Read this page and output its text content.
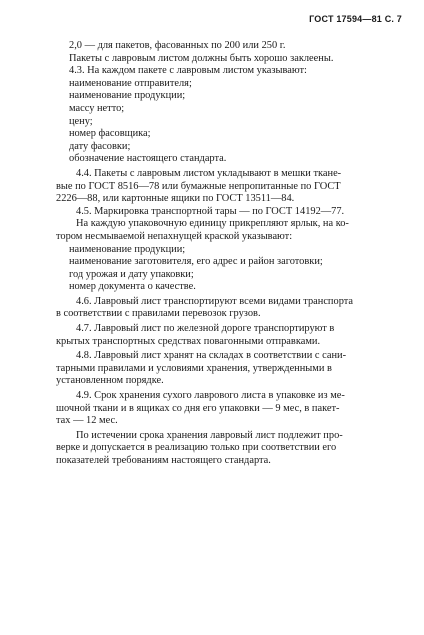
ГОСТ 17594—81 С. 7
2,0 — для пакетов, фасованных по 200 или 250 г.
Пакеты с лавровым листом должны быть хорошо заклеены.
4.3. На каждом пакете с лавровым листом указывают:
наименование отправителя;
наименование продукции;
массу нетто;
цену;
номер фасовщика;
дату фасовки;
обозначение настоящего стандарта.
4.4. Пакеты с лавровым листом укладывают в мешки ткане-
вые по ГОСТ 8516—78 или бумажные непропитанные по ГОСТ
2226—88, или картонные ящики по ГОСТ 13511—84.
4.5. Маркировка транспортной тары — по ГОСТ 14192—77.
На каждую упаковочную единицу прикрепляют ярлык, на ко-
тором несмываемой непахнущей краской указывают:
наименование продукции;
наименование заготовителя, его адрес и район заготовки;
год урожая и дату упаковки;
номер документа о качестве.
4.6. Лавровый лист транспортируют всеми видами транспорта
в соответствии с правилами перевозок грузов.
4.7. Лавровый лист по железной дороге транспортируют в
крытых транспортных средствах повагонными отправками.
4.8. Лавровый лист хранят на складах в соответствии с сани-
тарными правилами и условиями хранения, утвержденными в
установленном порядке.
4.9. Срок хранения сухого лаврового листа в упаковке из ме-
шочной ткани и в ящиках со дня его упаковки — 9 мес, в пакет-
тах — 12 мес.
По истечении срока хранения лавровый лист подлежит про-
верке и допускается в реализацию только при соответствии его
показателей требованиям настоящего стандарта.
